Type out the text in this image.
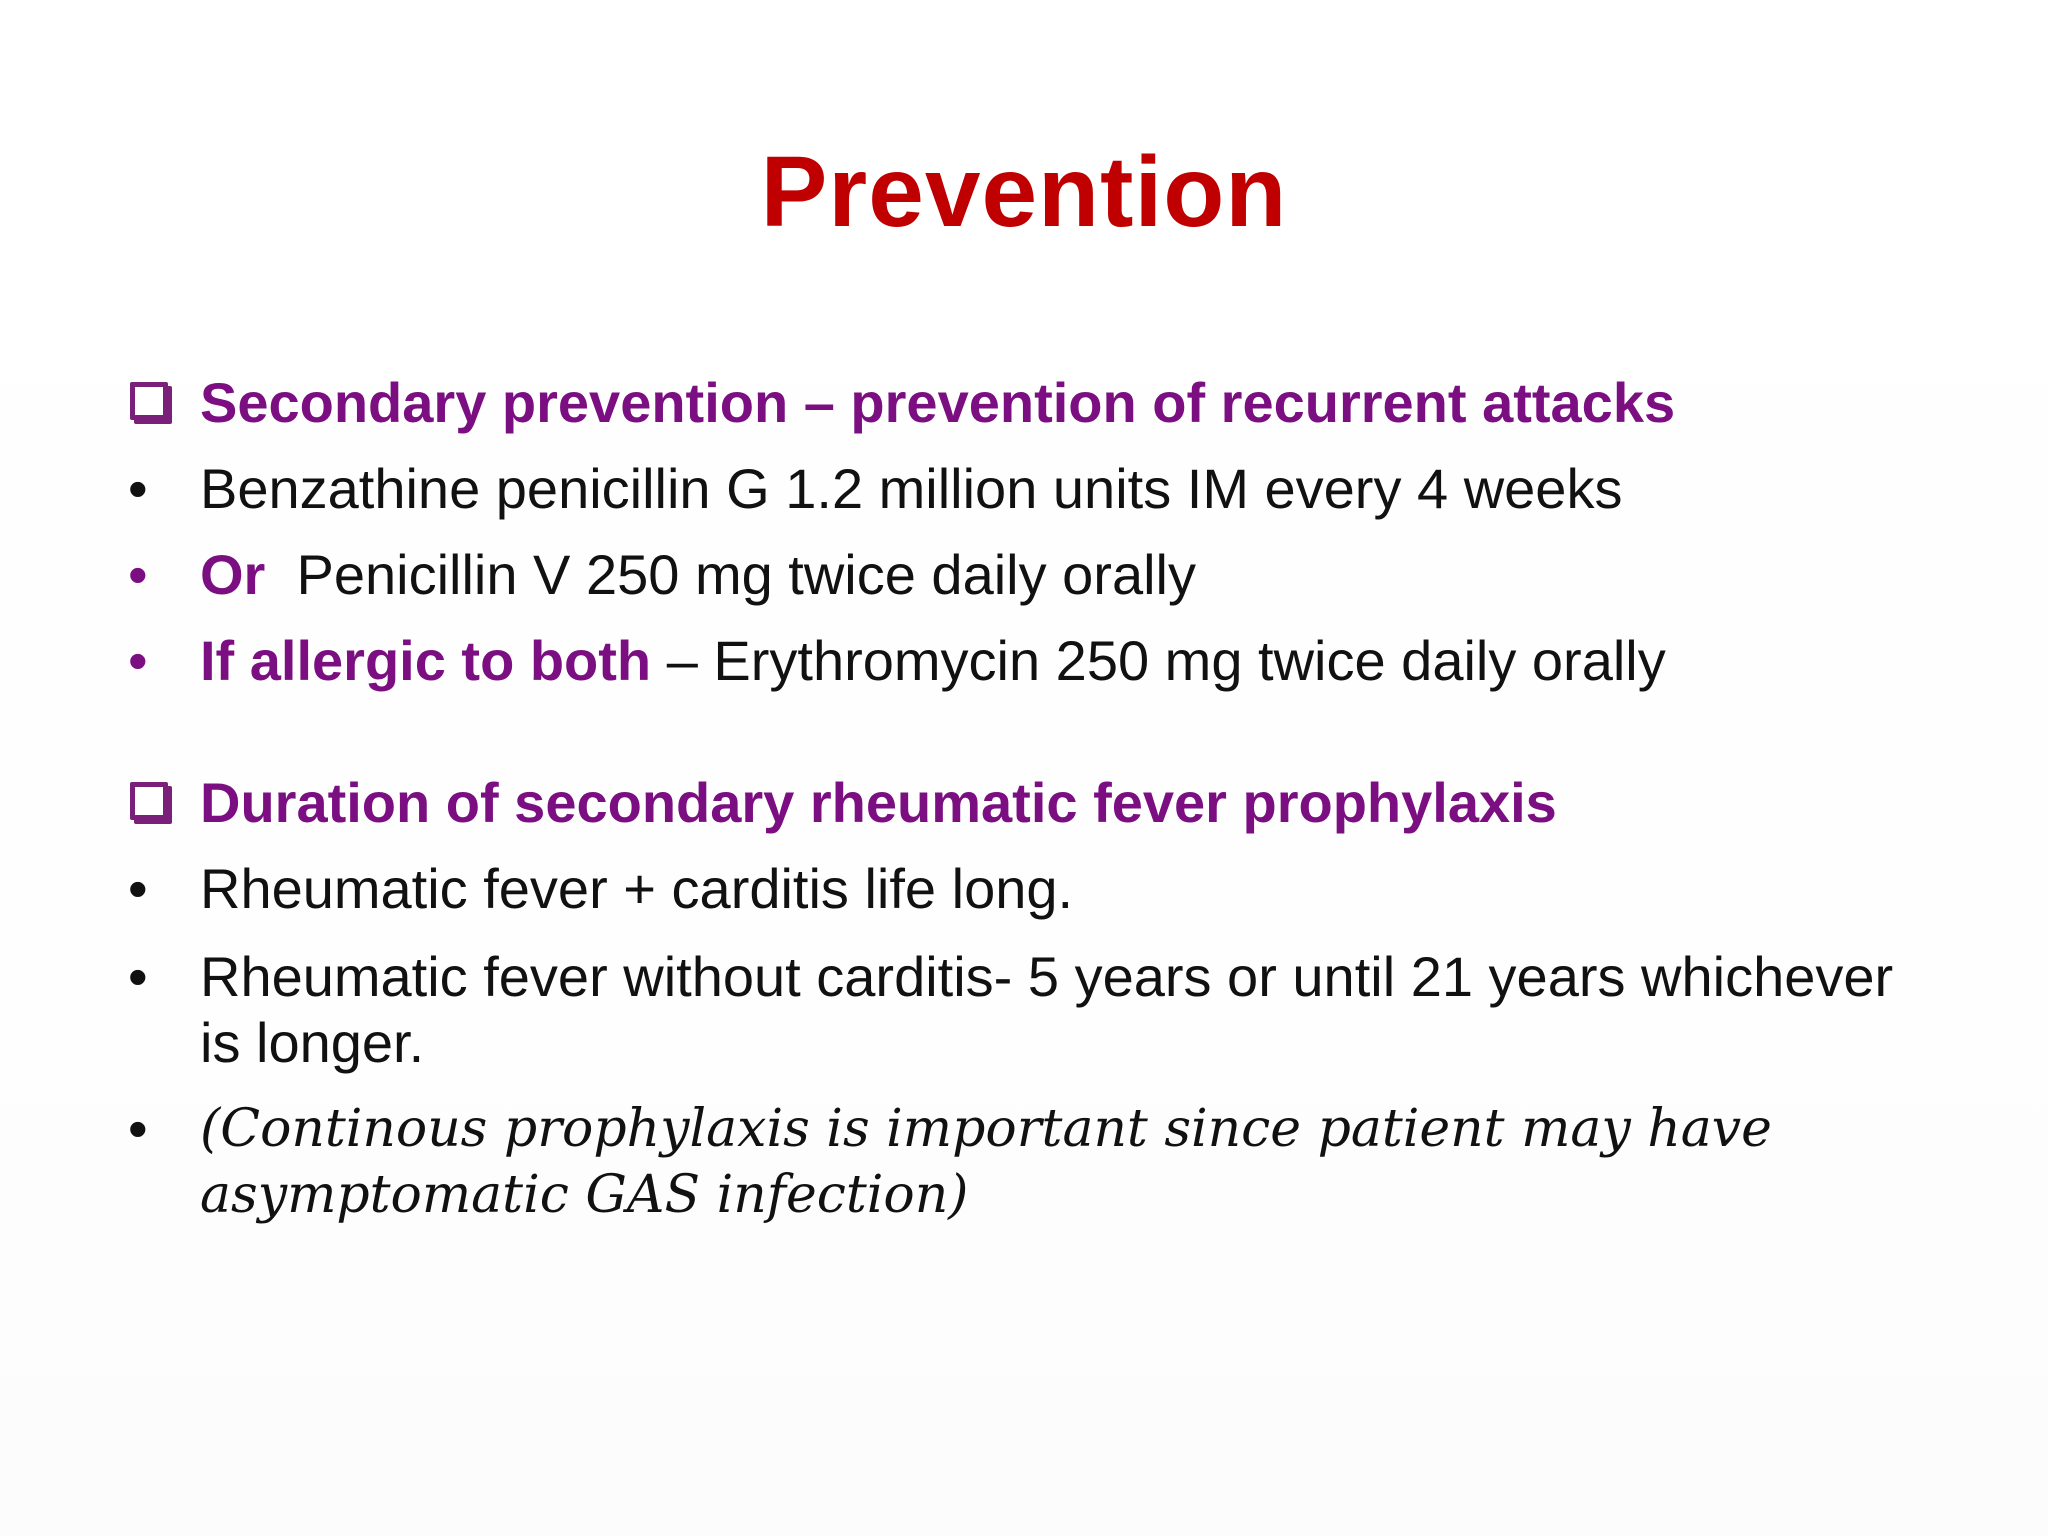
Prevention
Secondary prevention – prevention of recurrent attacks
• Benzathine penicillin G 1.2 million units IM every 4 weeks
• Or Penicillin V 250 mg twice daily orally
• If allergic to both – Erythromycin 250 mg twice daily orally
Duration of secondary rheumatic fever prophylaxis
• Rheumatic fever + carditis life long.
• Rheumatic fever without carditis- 5 years or until 21 years whichever is longer.
•	(Continous prophylaxis is important since patient may have asymptomatic GAS infection)
